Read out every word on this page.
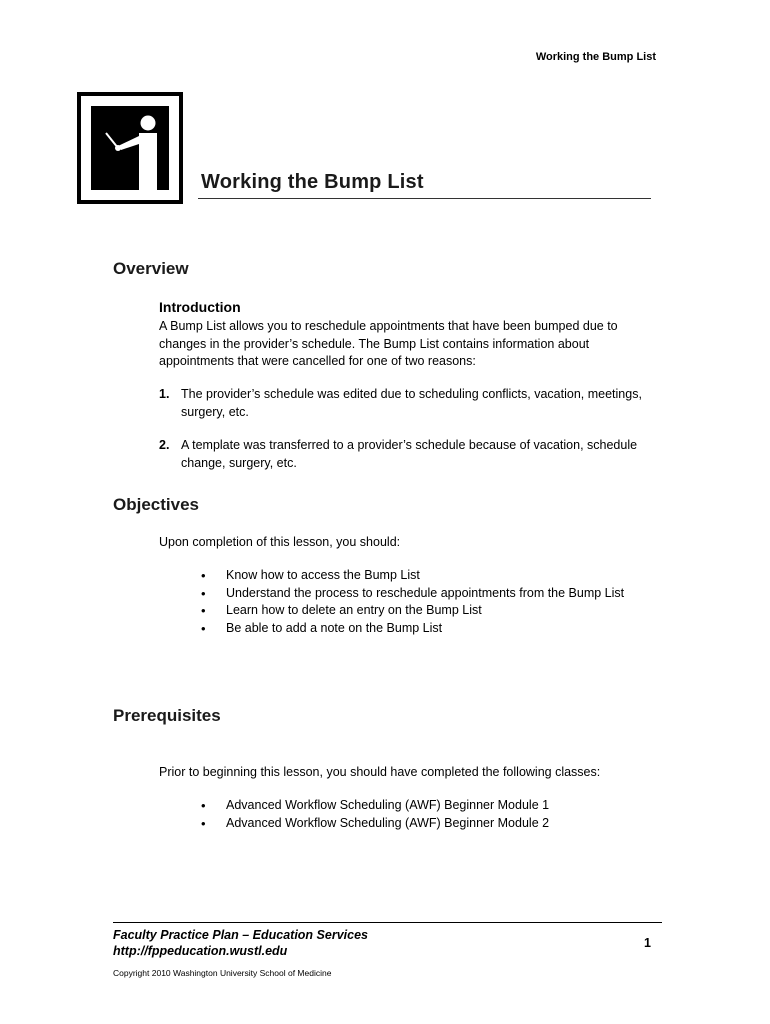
Working the Bump List
Working the Bump List
Overview
Introduction
A Bump List allows you to reschedule appointments that have been bumped due to changes in the provider’s schedule. The Bump List contains information about appointments that were cancelled for one of two reasons:
1. The provider’s schedule was edited due to scheduling conflicts, vacation, meetings, surgery, etc.
2. A template was transferred to a provider’s schedule because of vacation, schedule change, surgery, etc.
Objectives
Upon completion of this lesson, you should:
• Know how to access the Bump List
• Understand the process to reschedule appointments from the Bump List
• Learn how to delete an entry on the Bump List
• Be able to add a note on the Bump List
Prerequisites
Prior to beginning this lesson, you should have completed the following classes:
• Advanced Workflow Scheduling (AWF) Beginner Module 1
• Advanced Workflow Scheduling (AWF) Beginner Module 2
Faculty Practice Plan – Education Services
http://fppeducation.wustl.edu
1
Copyright 2010 Washington University School of Medicine
